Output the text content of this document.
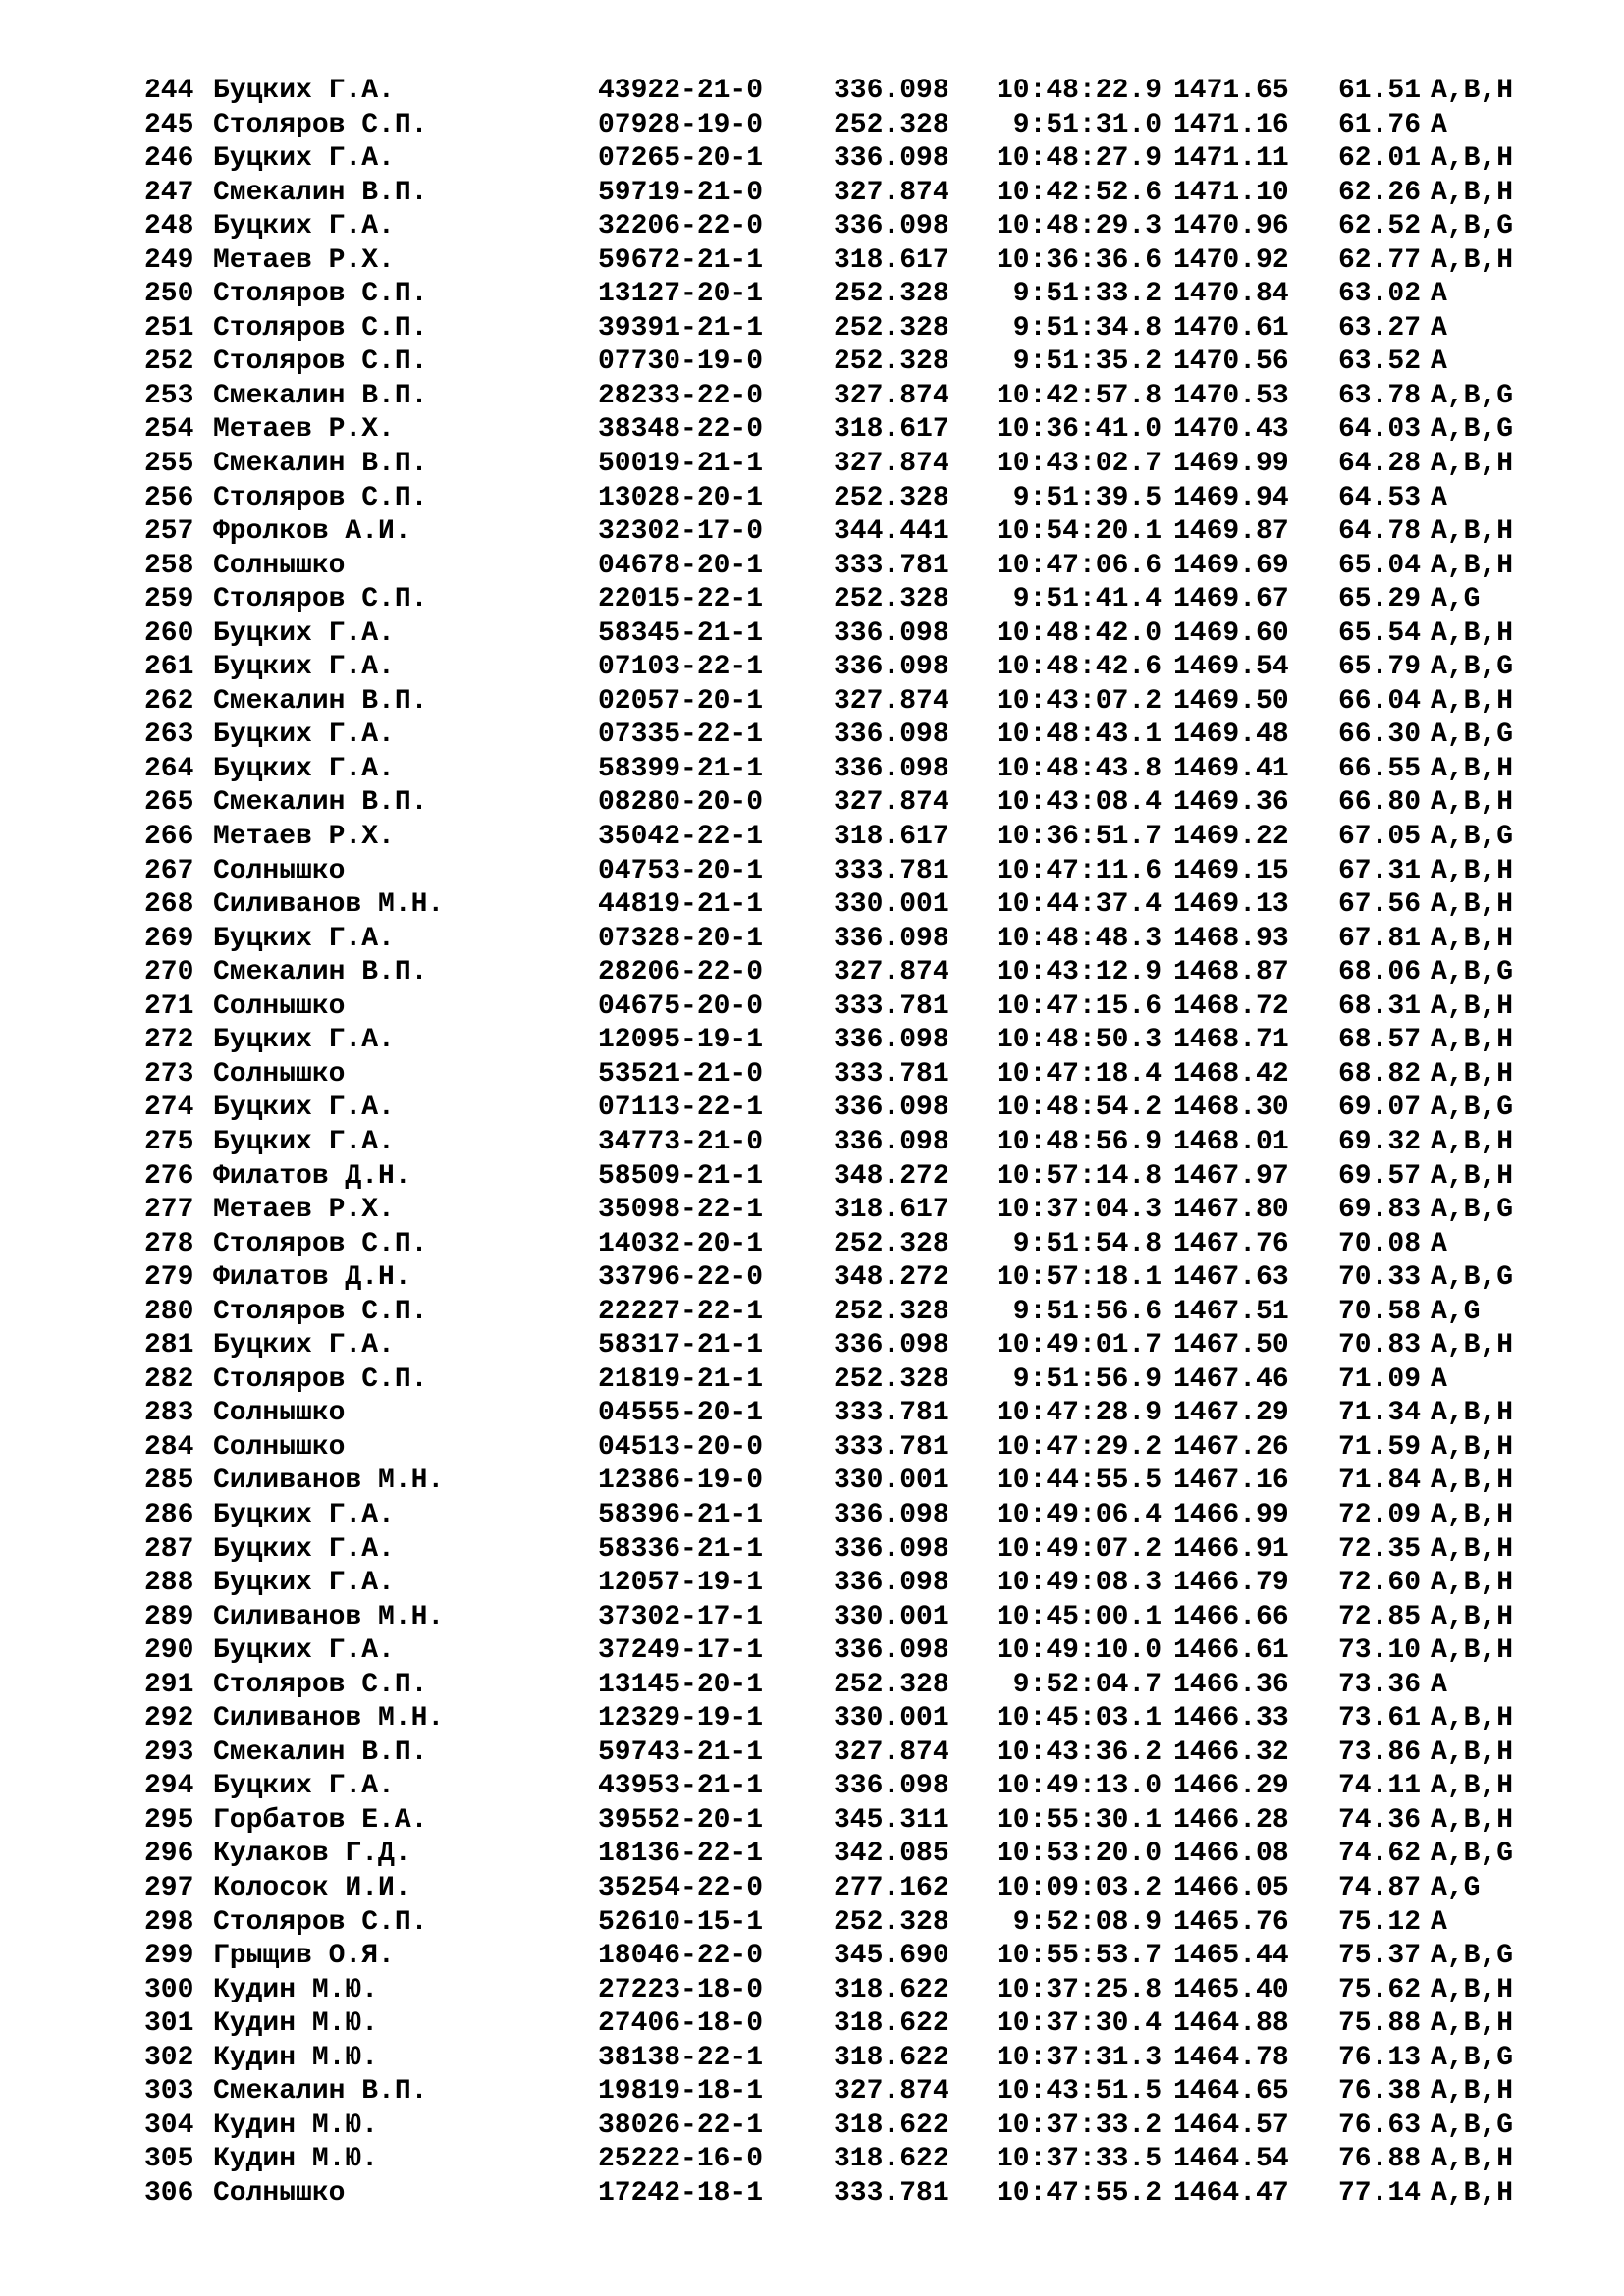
244 Буцких Г.А.	43922-21-0	336.098	10:48:22.9 1471.65 61.51 A,B,H
245 Столяров С.П.	07928-19-0	252.328	9:51:31.0 1471.16 61.76 A
246 Буцких Г.А.	07265-20-1	336.098	10:48:27.9 1471.11 62.01 A,B,H
247 Смекалин В.П.	59719-21-0	327.874	10:42:52.6 1471.10 62.26 A,B,H
248 Буцких Г.А.	32206-22-0	336.098	10:48:29.3 1470.96 62.52 A,B,G
249 Метаев Р.Х.	59672-21-1	318.617	10:36:36.6 1470.92 62.77 A,B,H
250 Столяров С.П.	13127-20-1	252.328	9:51:33.2 1470.84 63.02 A
251 Столяров С.П.	39391-21-1	252.328	9:51:34.8 1470.61 63.27 A
252 Столяров С.П.	07730-19-0	252.328	9:51:35.2 1470.56 63.52 A
253 Смекалин В.П.	28233-22-0	327.874	10:42:57.8 1470.53 63.78 A,B,G
254 Метаев Р.Х.	38348-22-0	318.617	10:36:41.0 1470.43 64.03 A,B,G
255 Смекалин В.П.	50019-21-1	327.874	10:43:02.7 1469.99 64.28 A,B,H
256 Столяров С.П.	13028-20-1	252.328	9:51:39.5 1469.94 64.53 A
257 Фролков А.И.	32302-17-0	344.441	10:54:20.1 1469.87 64.78 A,B,H
258 Солнышко	04678-20-1	333.781	10:47:06.6 1469.69 65.04 A,B,H
259 Столяров С.П.	22015-22-1	252.328	9:51:41.4 1469.67 65.29 A,G
260 Буцких Г.А.	58345-21-1	336.098	10:48:42.0 1469.60 65.54 A,B,H
261 Буцких Г.А.	07103-22-1	336.098	10:48:42.6 1469.54 65.79 A,B,G
262 Смекалин В.П.	02057-20-1	327.874	10:43:07.2 1469.50 66.04 A,B,H
263 Буцких Г.А.	07335-22-1	336.098	10:48:43.1 1469.48 66.30 A,B,G
264 Буцких Г.А.	58399-21-1	336.098	10:48:43.8 1469.41 66.55 A,B,H
265 Смекалин В.П.	08280-20-0	327.874	10:43:08.4 1469.36 66.80 A,B,H
266 Метаев Р.Х.	35042-22-1	318.617	10:36:51.7 1469.22 67.05 A,B,G
267 Солнышко	04753-20-1	333.781	10:47:11.6 1469.15 67.31 A,B,H
268 Силиванов М.Н.	44819-21-1	330.001	10:44:37.4 1469.13 67.56 A,B,H
269 Буцких Г.А.	07328-20-1	336.098	10:48:48.3 1468.93 67.81 A,B,H
270 Смекалин В.П.	28206-22-0	327.874	10:43:12.9 1468.87 68.06 A,B,G
271 Солнышко	04675-20-0	333.781	10:47:15.6 1468.72 68.31 A,B,H
272 Буцких Г.А.	12095-19-1	336.098	10:48:50.3 1468.71 68.57 A,B,H
273 Солнышко	53521-21-0	333.781	10:47:18.4 1468.42 68.82 A,B,H
274 Буцких Г.А.	07113-22-1	336.098	10:48:54.2 1468.30 69.07 A,B,G
275 Буцких Г.А.	34773-21-0	336.098	10:48:56.9 1468.01 69.32 A,B,H
276 Филатов Д.Н.	58509-21-1	348.272	10:57:14.8 1467.97 69.57 A,B,H
277 Метаев Р.Х.	35098-22-1	318.617	10:37:04.3 1467.80 69.83 A,B,G
278 Столяров С.П.	14032-20-1	252.328	9:51:54.8 1467.76 70.08 A
279 Филатов Д.Н.	33796-22-0	348.272	10:57:18.1 1467.63 70.33 A,B,G
280 Столяров С.П.	22227-22-1	252.328	9:51:56.6 1467.51 70.58 A,G
281 Буцких Г.А.	58317-21-1	336.098	10:49:01.7 1467.50 70.83 A,B,H
282 Столяров С.П.	21819-21-1	252.328	9:51:56.9 1467.46 71.09 A
283 Солнышко	04555-20-1	333.781	10:47:28.9 1467.29 71.34 A,B,H
284 Солнышко	04513-20-0	333.781	10:47:29.2 1467.26 71.59 A,B,H
285 Силиванов М.Н.	12386-19-0	330.001	10:44:55.5 1467.16 71.84 A,B,H
286 Буцких Г.А.	58396-21-1	336.098	10:49:06.4 1466.99 72.09 A,B,H
287 Буцких Г.А.	58336-21-1	336.098	10:49:07.2 1466.91 72.35 A,B,H
288 Буцких Г.А.	12057-19-1	336.098	10:49:08.3 1466.79 72.60 A,B,H
289 Силиванов М.Н.	37302-17-1	330.001	10:45:00.1 1466.66 72.85 A,B,H
290 Буцких Г.А.	37249-17-1	336.098	10:49:10.0 1466.61 73.10 A,B,H
291 Столяров С.П.	13145-20-1	252.328	9:52:04.7 1466.36 73.36 A
292 Силиванов М.Н.	12329-19-1	330.001	10:45:03.1 1466.33 73.61 A,B,H
293 Смекалин В.П.	59743-21-1	327.874	10:43:36.2 1466.32 73.86 A,B,H
294 Буцких Г.А.	43953-21-1	336.098	10:49:13.0 1466.29 74.11 A,B,H
295 Горбатов Е.А.	39552-20-1	345.311	10:55:30.1 1466.28 74.36 A,B,H
296 Кулаков Г.Д.	18136-22-1	342.085	10:53:20.0 1466.08 74.62 A,B,G
297 Колосок И.И.	35254-22-0	277.162	10:09:03.2 1466.05 74.87 A,G
298 Столяров С.П.	52610-15-1	252.328	9:52:08.9 1465.76 75.12 A
299 Грыщив О.Я.	18046-22-0	345.690	10:55:53.7 1465.44 75.37 A,B,G
300 Кудин М.Ю.	27223-18-0	318.622	10:37:25.8 1465.40 75.62 A,B,H
301 Кудин М.Ю.	27406-18-0	318.622	10:37:30.4 1464.88 75.88 A,B,H
302 Кудин М.Ю.	38138-22-1	318.622	10:37:31.3 1464.78 76.13 A,B,G
303 Смекалин В.П.	19819-18-1	327.874	10:43:51.5 1464.65 76.38 A,B,H
304 Кудин М.Ю.	38026-22-1	318.622	10:37:33.2 1464.57 76.63 A,B,G
305 Кудин М.Ю.	25222-16-0	318.622	10:37:33.5 1464.54 76.88 A,B,H
306 Солнышко	17242-18-1	333.781	10:47:55.2 1464.47 77.14 A,B,H
